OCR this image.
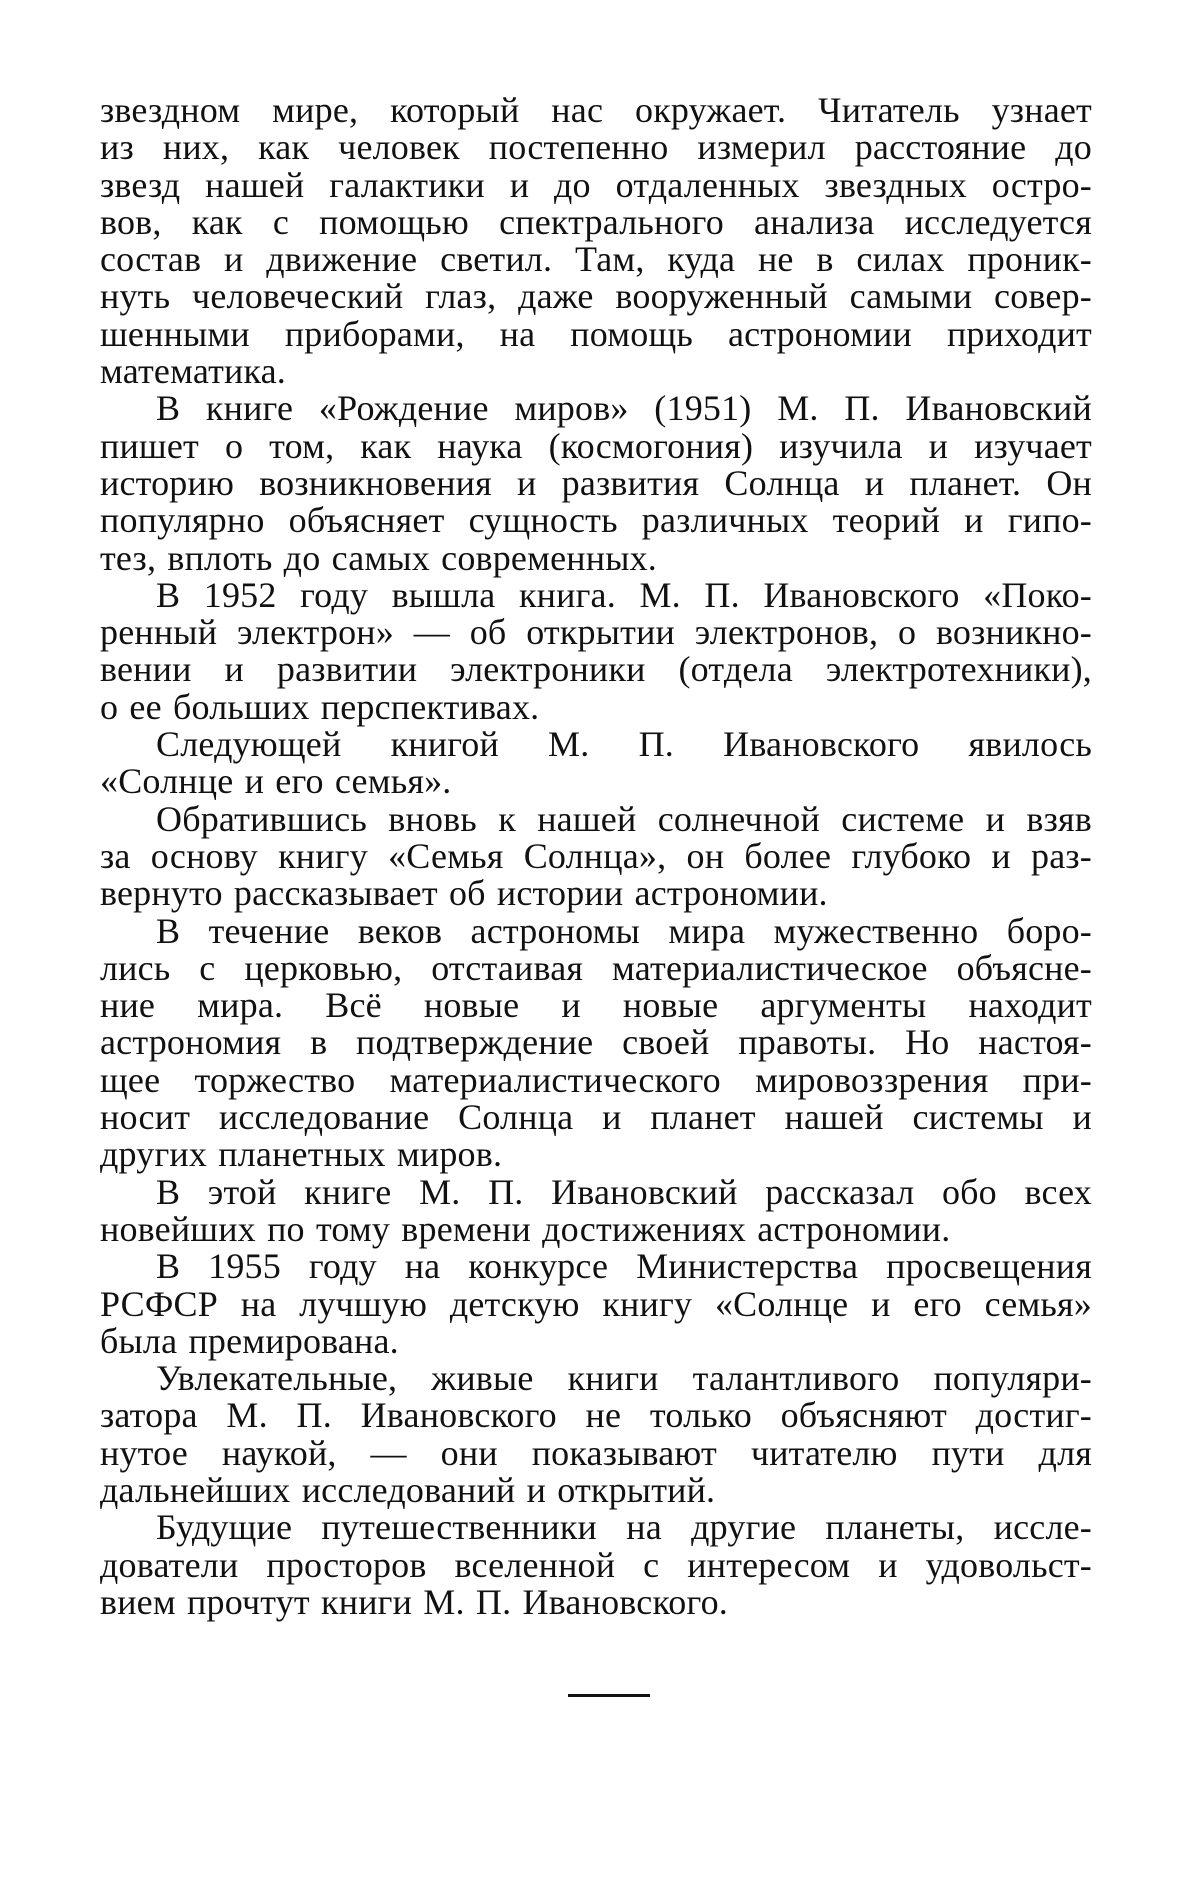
звездном мире, который нас окружает. Читатель узнает
из них, как человек постепенно измерил расстояние до
звезд нашей галактики и до отдаленных звездных остро-
вов, как с помощью спектрального анализа исследуется
состав и движение светил. Там, куда не в силах проник-
нуть человеческий глаз, даже вооруженный самыми совер-
шенными приборами, на помощь астрономии приходит
математика.

В книге «Рождение миров» (1951) М. П. Ивановский
пишет о том, как наука (космогония) изучила и изучает
историю возникновения и развития Солнца и планет. Он
популярно объясняет сущность различных теорий и гипо-
тез, вплоть до самых современных.

В 1952 году вышла книга. М. П. Ивановского «Поко-
ренный электрон» — об открытии электронов, о возникно-
вении и развитии электроники (отдела электротехники),
о ее больших перспективах.

Следующей книгой М. П. Ивановского явилось
«Солнце и его семья».

Обратившись вновь к нашей солнечной системе и взяв
за основу книгу «Семья Солнца», он более глубоко и раз-
вернуто рассказывает об истории астрономии.

В течение веков астрономы мира мужественно боро-
лись с церковью, отстаивая материалистическое объясне-
ние мира. Всё новые и новые аргументы находит
астрономия в подтверждение своей правоты. Но настоя-
щее торжество материалистического мировоззрения при-
носит исследование Солнца и планет нашей системы и
других планетных миров.

В этой книге М. П. Ивановский рассказал обо всех
новейших по тому времени достижениях астрономии.

В 1955 году на конкурсе Министерства просвещения
РСФСР на лучшую детскую книгу «Солнце и его семья»
была премирована.

Увлекательные, живые книги талантливого популяри-
затора М. П. Ивановского не только объясняют достиг-
нутое наукой, — они показывают читателю пути для
дальнейших исследований и открытий.

Будущие путешественники на другие планеты, иссле-
дователи просторов вселенной с интересом и удовольст-
вием прочтут книги М. П. Ивановского.
